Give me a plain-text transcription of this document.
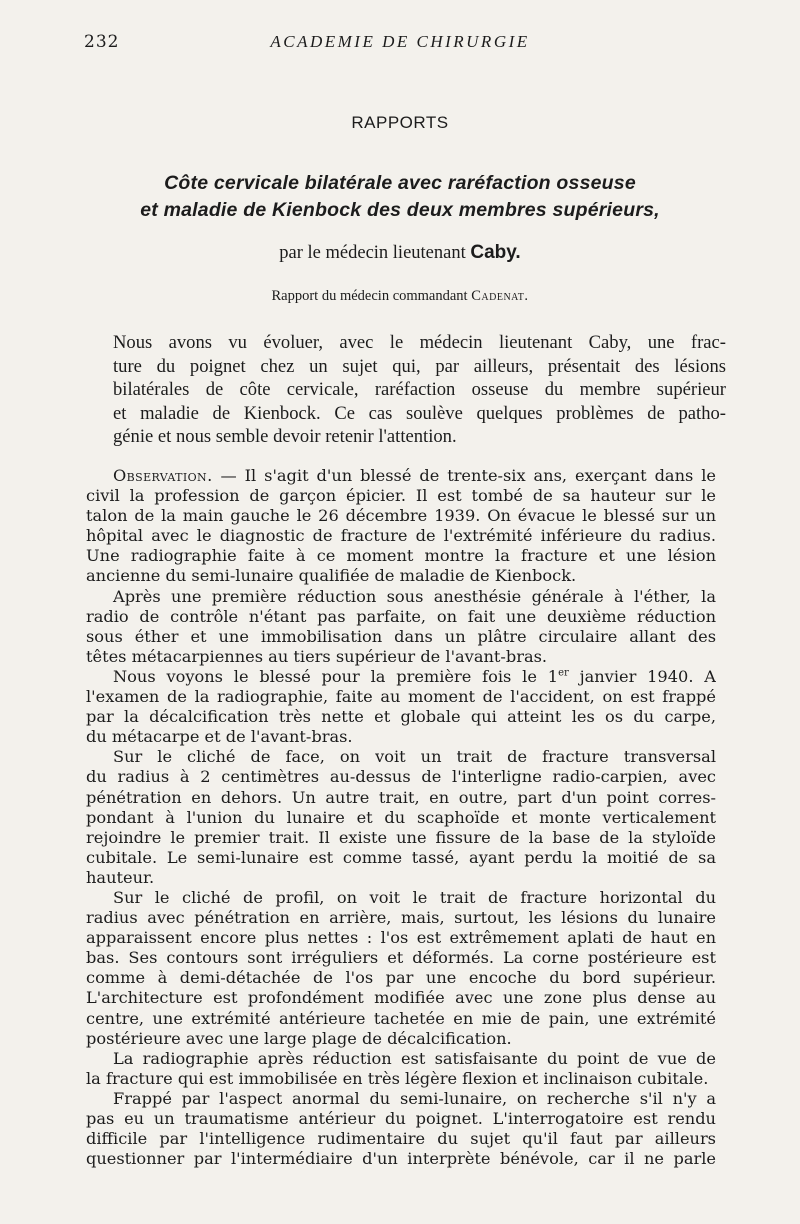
232	ACADEMIE DE CHIRURGIE
RAPPORTS
Côte cervicale bilatérale avec raréfaction osseuse
et maladie de Kienbock des deux membres supérieurs,
par le médecin lieutenant Caby.
Rapport du médecin commandant Cadenat.
Nous avons vu évoluer, avec le médecin lieutenant Caby, une frac-
ture du poignet chez un sujet qui, par ailleurs, présentait des lésions
bilatérales de côte cervicale, raréfaction osseuse du membre supérieur
et maladie de Kienbock. Ce cas soulève quelques problèmes de patho-
génie et nous semble devoir retenir l'attention.
Observation. — Il s'agit d'un blessé de trente-six ans, exerçant dans le
civil la profession de garçon épicier. Il est tombé de sa hauteur sur le
talon de la main gauche le 26 décembre 1939. On évacue le blessé sur un
hôpital avec le diagnostic de fracture de l'extrémité inférieure du radius.
Une radiographie faite à ce moment montre la fracture et une lésion
ancienne du semi-lunaire qualifiée de maladie de Kienbock.
Après une première réduction sous anesthésie générale à l'éther, la
radio de contrôle n'étant pas parfaite, on fait une deuxième réduction
sous éther et une immobilisation dans un plâtre circulaire allant des
têtes métacarpiennes au tiers supérieur de l'avant-bras.
Nous voyons le blessé pour la première fois le 1er janvier 1940. A
l'examen de la radiographie, faite au moment de l'accident, on est frappé
par la décalcification très nette et globale qui atteint les os du carpe,
du métacarpe et de l'avant-bras.
Sur le cliché de face, on voit un trait de fracture transversal
du radius à 2 centimètres au-dessus de l'interligne radio-carpien, avec
pénétration en dehors. Un autre trait, en outre, part d'un point corres-
pondant à l'union du lunaire et du scaphoïde et monte verticalement
rejoindre le premier trait. Il existe une fissure de la base de la styloïde
cubitale. Le semi-lunaire est comme tassé, ayant perdu la moitié de sa
hauteur.
Sur le cliché de profil, on voit le trait de fracture horizontal du
radius avec pénétration en arrière, mais, surtout, les lésions du lunaire
apparaissent encore plus nettes : l'os est extrêmement aplati de haut en
bas. Ses contours sont irréguliers et déformés. La corne postérieure est
comme à demi-détachée de l'os par une encoche du bord supérieur.
L'architecture est profondément modifiée avec une zone plus dense au
centre, une extrémité antérieure tachetée en mie de pain, une extrémité
postérieure avec une large plage de décalcification.
La radiographie après réduction est satisfaisante du point de vue de
la fracture qui est immobilisée en très légère flexion et inclinaison cubitale.
Frappé par l'aspect anormal du semi-lunaire, on recherche s'il n'y a
pas eu un traumatisme antérieur du poignet. L'interrogatoire est rendu
difficile par l'intelligence rudimentaire du sujet qu'il faut par ailleurs
questionner par l'intermédiaire d'un interprète bénévole, car il ne parle
